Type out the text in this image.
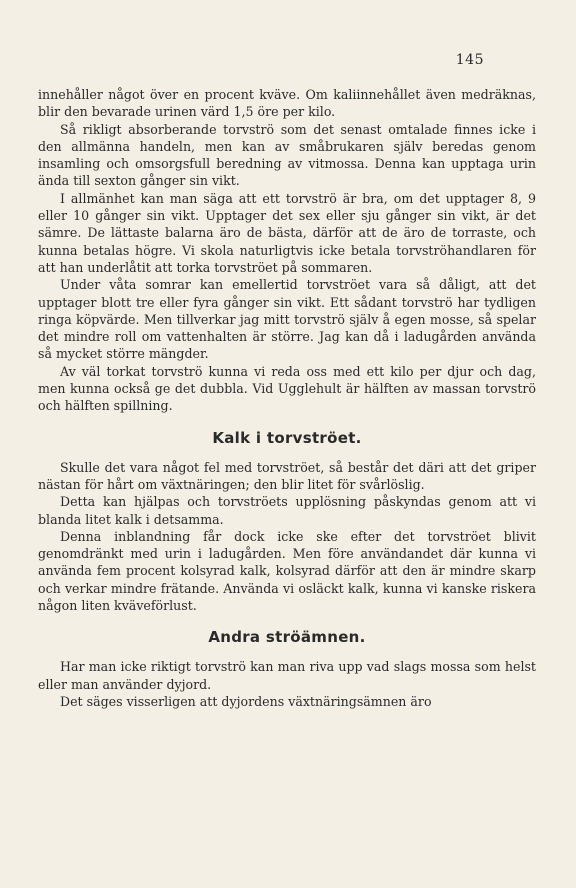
145

innehåller något över en procent kväve. Om kaliinnehållet även medräknas, blir den bevarade urinen värd 1,5 öre per kilo.

Så rikligt absorberande torvströ som det senast omtalade finnes icke i den allmänna handeln, men kan av småbrukaren själv beredas genom insamling och omsorgsfull beredning av vitmossa. Denna kan upptaga urin ända till sexton gånger sin vikt.

I allmänhet kan man säga att ett torvströ är bra, om det upptager 8, 9 eller 10 gånger sin vikt. Upptager det sex eller sju gånger sin vikt, är det sämre. De lättaste balarna äro de bästa, därför att de äro de torraste, och kunna betalas högre. Vi skola naturligtvis icke betala torvströhandlaren för att han underlåtit att torka torvströet på sommaren.

Under våta somrar kan emellertid torvströet vara så dåligt, att det upptager blott tre eller fyra gånger sin vikt. Ett sådant torvströ har tydligen ringa köpvärde. Men tillverkar jag mitt torvströ själv å egen mosse, så spelar det mindre roll om vattenhalten är större. Jag kan då i ladugården använda så mycket större mängder.

Av väl torkat torvströ kunna vi reda oss med ett kilo per djur och dag, men kunna också ge det dubbla. Vid Ugglehult är hälften av massan torvströ och hälften spillning.

Kalk i torvströet.

Skulle det vara något fel med torvströet, så består det däri att det griper nästan för hårt om växtnäringen; den blir litet för svårlöslig.

Detta kan hjälpas och torvströets upplösning påskyndas genom att vi blanda litet kalk i detsamma.

Denna inblandning får dock icke ske efter det torvströet blivit genomdränkt med urin i ladugården. Men före användandet där kunna vi använda fem procent kolsyrad kalk, kolsyrad därför att den är mindre skarp och verkar mindre frätande. Använda vi osläckt kalk, kunna vi kanske riskera någon liten kväveförlust.

Andra ströämnen.

Har man icke riktigt torvströ kan man riva upp vad slags mossa som helst eller man använder dyjord.

Det säges visserligen att dyjordens växtnäringsämnen äro
